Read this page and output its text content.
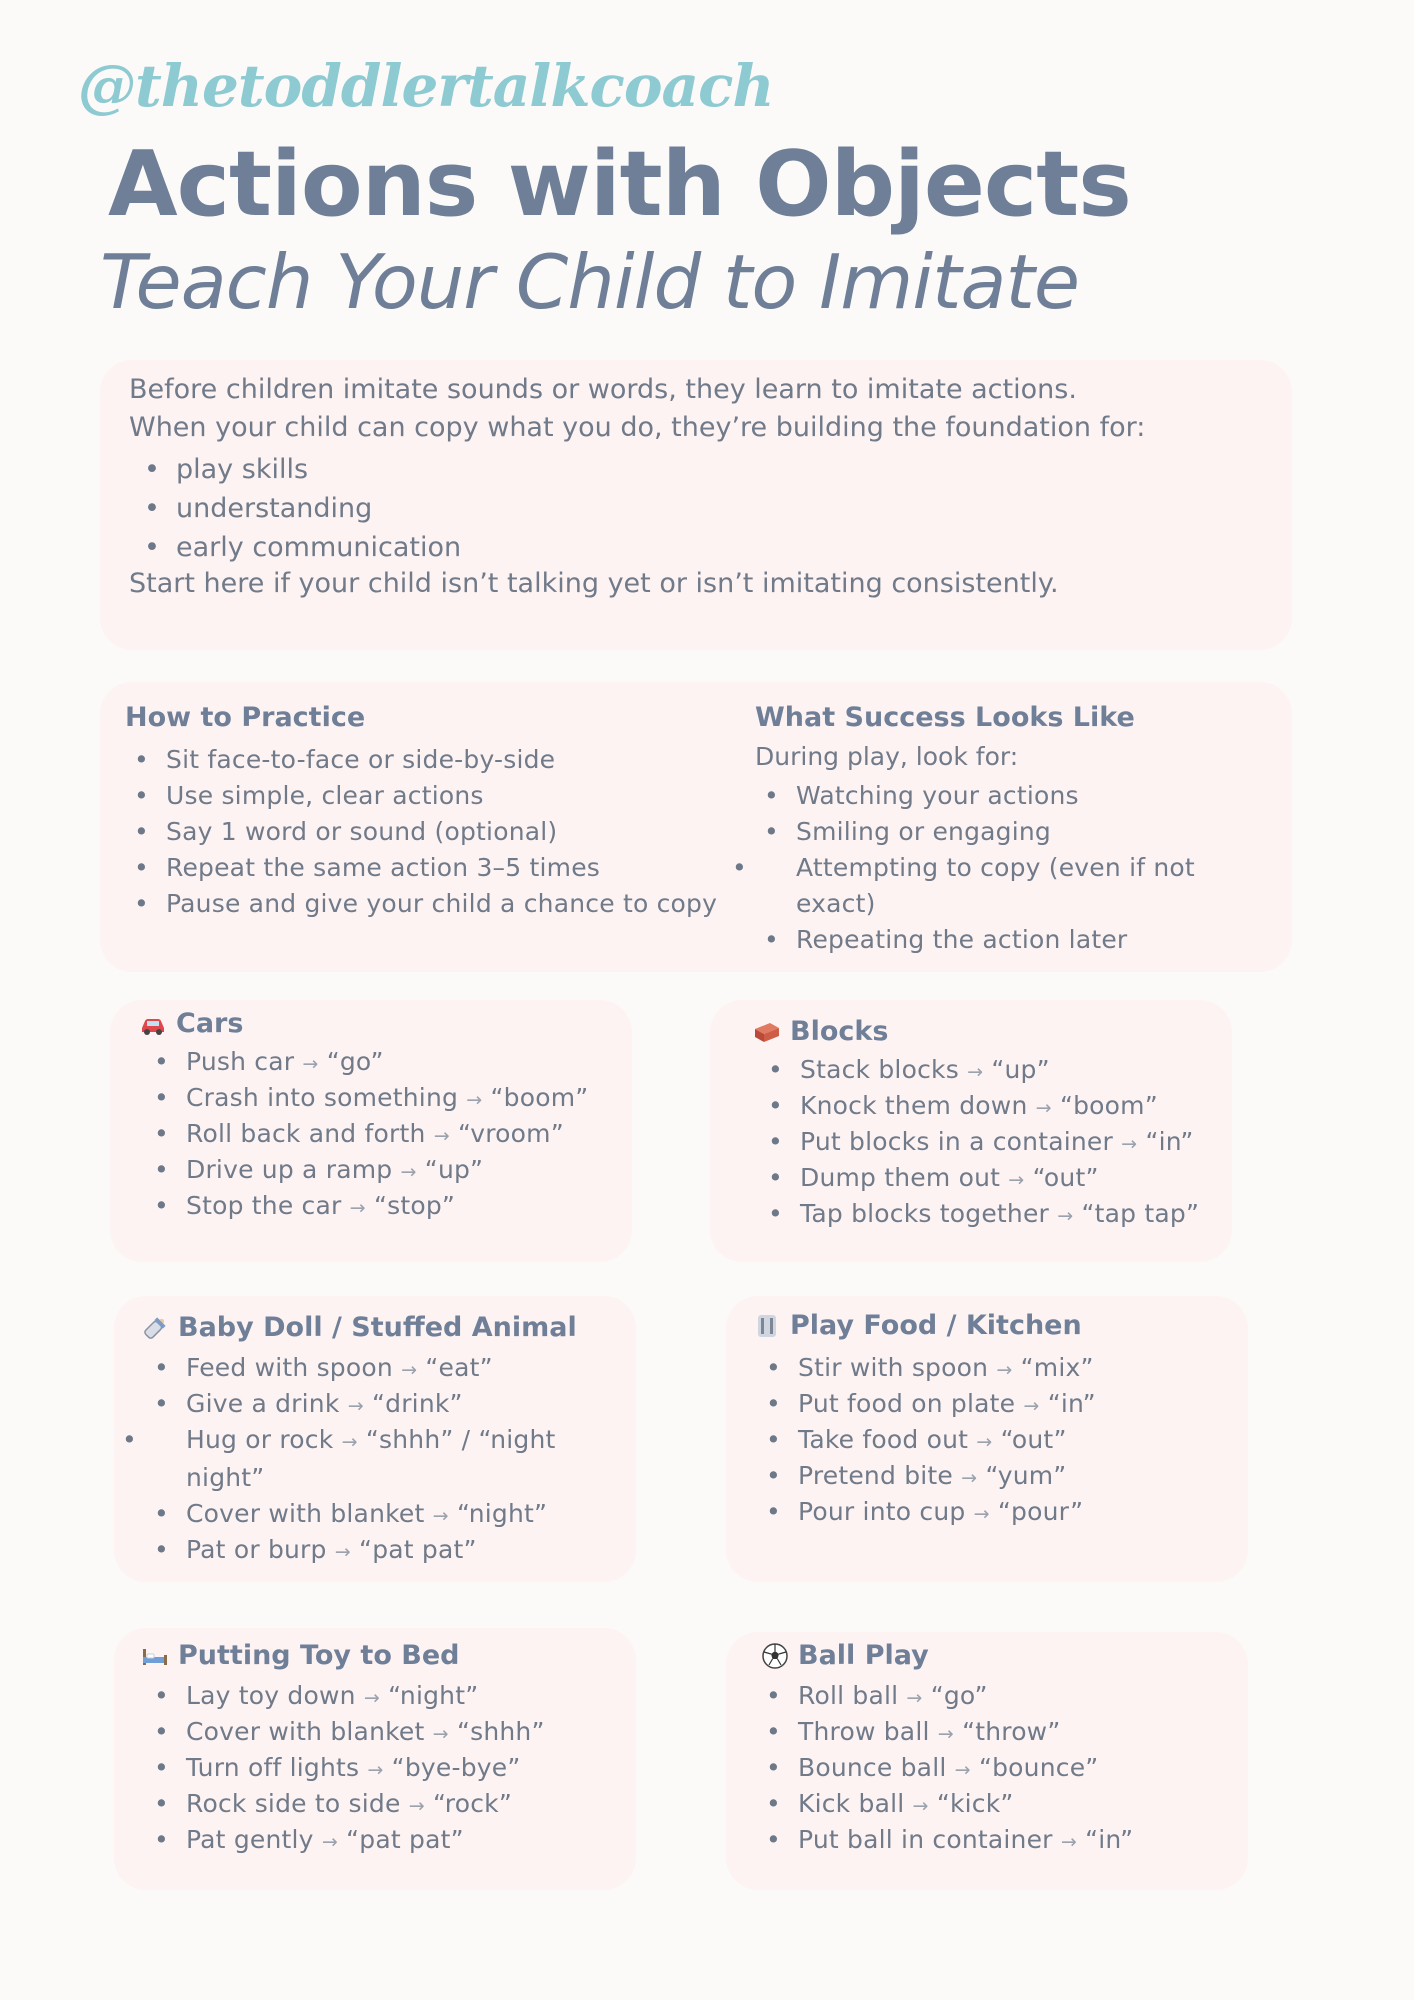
@thetoddlertalkcoach
Actions with Objects
Teach Your Child to Imitate

Before children imitate sounds or words, they learn to imitate actions.

When your child can copy what you do, they’re building the foundation for:

• play skills
• understanding
• early communication

Start here if your child isn’t talking yet or isn’t imitating consistently.

How to Practice
• Sit face-to-face or side-by-side
• Use simple, clear actions
• Say 1 word or sound (optional)
• Repeat the same action 3–5 times
• Pause and give your child a chance to copy
What Success Looks Like
During play, look for:
• Watching your actions
• Smiling or engaging
• Attempting to copy (even if not exact)
• Repeating the action later
Cars
• Push car → “go”
• Crash into something → “boom”
• Roll back and forth → “vroom”
• Drive up a ramp → “up”
• Stop the car → “stop”
Blocks
• Stack blocks → “up”
• Knock them down → “boom”
• Put blocks in a container → “in”
• Dump them out → “out”
• Tap blocks together → “tap tap”
Baby Doll / Stuffed Animal
• Feed with spoon → “eat”
• Give a drink → “drink”
• Hug or rock → “shhh” / “night night”
• Cover with blanket → “night”
• Pat or burp → “pat pat”
Play Food / Kitchen
• Stir with spoon → “mix”
• Put food on plate → “in”
• Take food out → “out”
• Pretend bite → “yum”
• Pour into cup → “pour”
Putting Toy to Bed
• Lay toy down → “night”
• Cover with blanket → “shhh”
• Turn off lights → “bye-bye”
• Rock side to side → “rock”
• Pat gently → “pat pat”
Ball Play
• Roll ball → “go”
• Throw ball → “throw”
• Bounce ball → “bounce”
• Kick ball → “kick”
• Put ball in container → “in”
